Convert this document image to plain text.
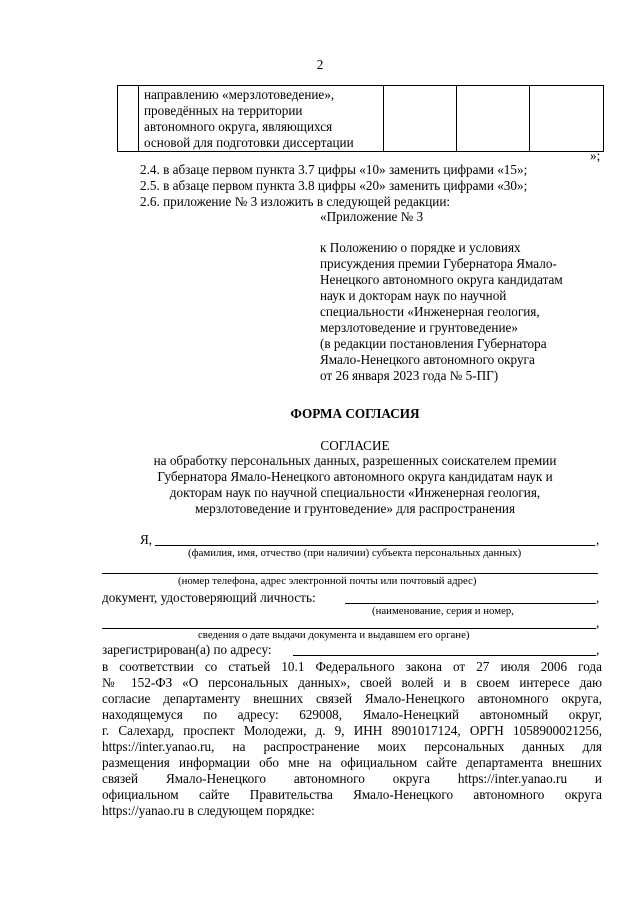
2

направлению «мерзлотоведение»,
проведённых на территории
автономного округа, являющихся
основой для подготовки диссертации

»;
2.4. в абзаце первом пункта 3.7 цифры «10» заменить цифрами «15»;
2.5. в абзаце первом пункта 3.8 цифры «20» заменить цифрами «30»;
2.6. приложение № 3 изложить в следующей редакции:
«Приложение № 3
к Положению о порядке и условиях
присуждения премии Губернатора Ямало-
Ненецкого автономного округа кандидатам
наук и докторам наук по научной
специальности «Инженерная геология,
мерзлотоведение и грунтоведение»
(в редакции постановления Губернатора
Ямало-Ненецкого автономного округа
от 26 января 2023 года № 5-ПГ)
ФОРМА СОГЛАСИЯ
СОГЛАСИЕ
на обработку персональных данных, разрешенных соискателем премии
Губернатора Ямало-Ненецкого автономного округа кандидатам наук и
докторам наук по научной специальности «Инженерная геология,
мерзлотоведение и грунтоведение» для распространения
Я,	,
(фамилия, имя, отчество (при наличии) субъекта персональных данных)
(номер телефона, адрес электронной почты или почтовый адрес)
документ, удостоверяющий личность:	,
(наименование, серия и номер,
,
сведения о дате выдачи документа и выдавшем его органе)
зарегистрирован(а) по адресу:	,
в соответствии со статьей 10.1 Федерального закона от 27 июля 2006 года
№ 152-ФЗ «О персональных данных», своей волей и в своем интересе даю
согласие департаменту внешних связей Ямало-Ненецкого автономного округа,
находящемуся по адресу: 629008, Ямало-Ненецкий автономный округ,
г. Салехард, проспект Молодежи, д. 9, ИНН 8901017124, ОРГН 1058900021256,
https://inter.yanao.ru, на распространение моих персональных данных для
размещения информации обо мне на официальном сайте департамента внешних
связей Ямало-Ненецкого автономного округа https://inter.yanao.ru и
официальном сайте Правительства Ямало-Ненецкого автономного округа
https://yanao.ru в следующем порядке:
